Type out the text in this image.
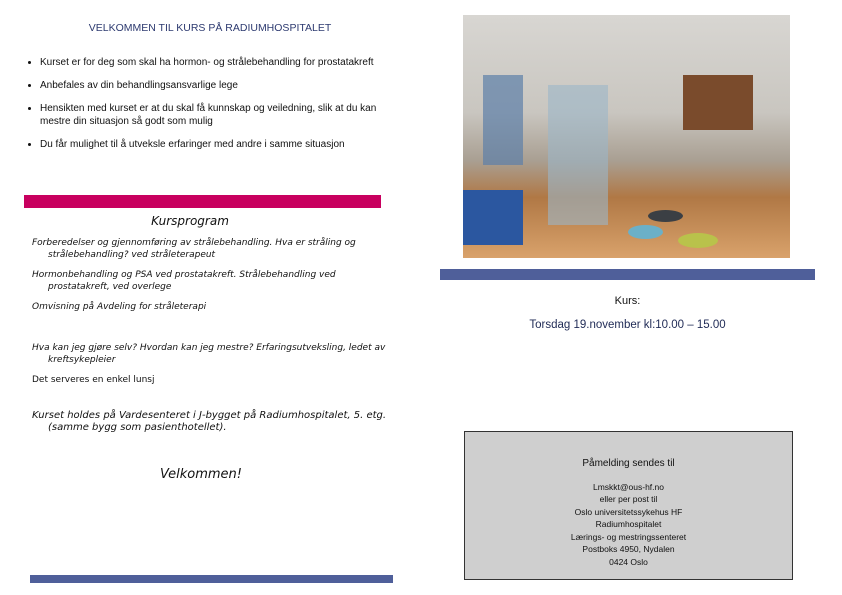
VELKOMMEN TIL KURS PÅ RADIUMHOSPITALET
• Kurset er for deg som skal ha hormon- og strålebehandling for prostatakreft
• Anbefales av din behandlingsansvarlige lege
• Hensikten med kurset er at du skal få kunnskap og veiledning, slik at du kan mestre din situasjon så godt som mulig
• Du får mulighet til å utveksle erfaringer med andre i samme situasjon
Kursprogram
Forberedelser og gjennomføring av strålebehandling. Hva er stråling og strålebehandling? ved stråleterapeut
Hormonbehandling og PSA ved prostatakreft. Strålebehandling ved prostatakreft, ved overlege
Omvisning på Avdeling for stråleterapi
Hva kan jeg gjøre selv? Hvordan kan jeg mestre? Erfaringsutveksling, ledet av kreftsykepleier
Det serveres en enkel lunsj
Kurset holdes på Vardesenteret i J-bygget på Radiumhospitalet, 5. etg. (samme bygg som pasienthotellet).
Velkommen!
Kurs:
Torsdag 19.november kl:10.00 – 15.00
Påmelding sendes til
Lmskkt@ous-hf.no
eller per post til
Oslo universitetssykehus HF
Radiumhospitalet
Lærings- og mestringssenteret
Postboks 4950, Nydalen
0424 Oslo
